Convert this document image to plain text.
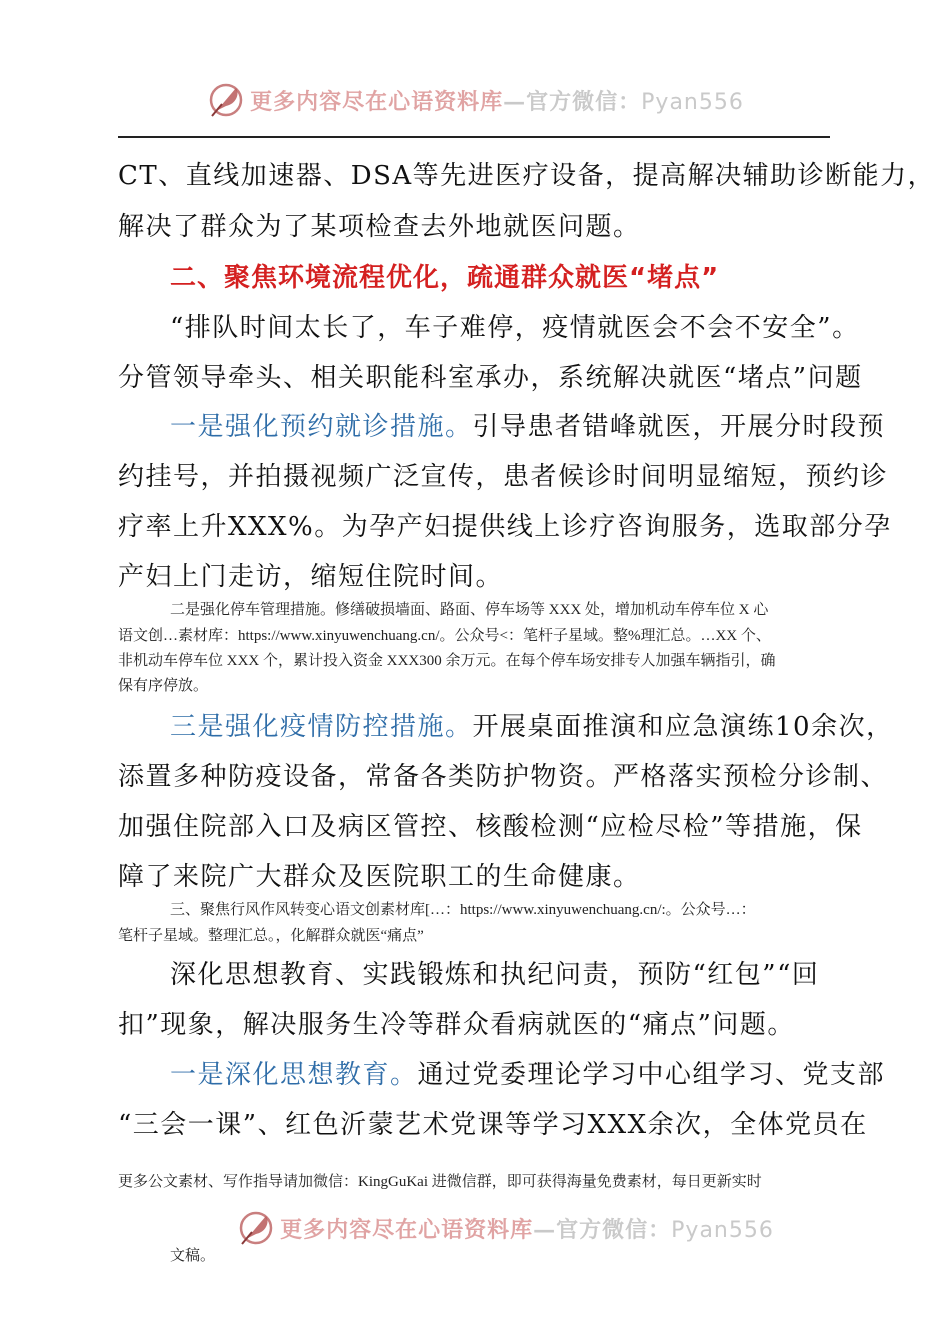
更多内容尽在心语资料库—官方微信：Pyan556
CT、直线加速器、DSA等先进医疗设备，提高解决辅助诊断能力，
解决了群众为了某项检查去外地就医问题。
二、聚焦环境流程优化，疏通群众就医“堵点”
“排队时间太长了，车子难停，疫情就医会不会不安全”。
分管领导牵头、相关职能科室承办，系统解决就医“堵点”问题
一是强化预约就诊措施。引导患者错峰就医，开展分时段预
约挂号，并拍摄视频广泛宣传，患者候诊时间明显缩短，预约诊
疗率上升XXX%。为孕产妇提供线上诊疗咨询服务，选取部分孕
产妇上门走访，缩短住院时间。
二是强化停车管理措施。修缮破损墙面、路面、停车场等 XXX 处，增加机动车停车位 X 心
语文创…素材库：https://www.xinyuwenchuang.cn/。公众号<：笔杆子星域。整%理汇总。…XX 个、
非机动车停车位 XXX 个，累计投入资金 XXX300 余万元。在每个停车场安排专人加强车辆指引，确
保有序停放。
三是强化疫情防控措施。开展桌面推演和应急演练10余次，
添置多种防疫设备，常备各类防护物资。严格落实预检分诊制、
加强住院部入口及病区管控、核酸检测“应检尽检”等措施，保
障了来院广大群众及医院职工的生命健康。
三、聚焦行风作风转变心语文创素材库[…：https://www.xinyuwenchuang.cn/:。公众号…：
笔杆子星域。整理汇总。，化解群众就医“痛点”
深化思想教育、实践锻炼和执纪问责，预防“红包”“回
扣”现象，解决服务生冷等群众看病就医的“痛点”问题。
一是深化思想教育。通过党委理论学习中心组学习、党支部
“三会一课”、红色沂蒙艺术党课等学习XXX余次，全体党员在
更多公文素材、写作指导请加微信：KingGuKai 进微信群，即可获得海量免费素材，每日更新实时
更多内容尽在心语资料库—官方微信：Pyan556
文稿。
